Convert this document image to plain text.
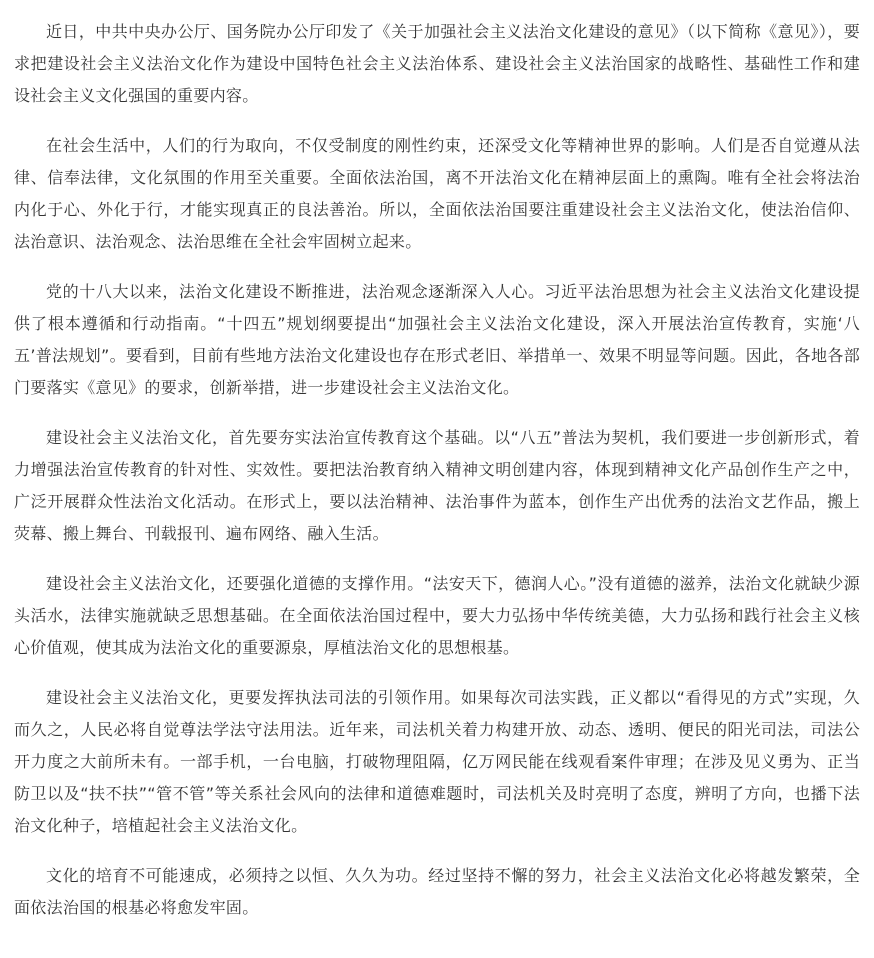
近日，中共中央办公厅、国务院办公厅印发了《关于加强社会主义法治文化建设的意见》（以下简称《意见》），要求把建设社会主义法治文化作为建设中国特色社会主义法治体系、建设社会主义法治国家的战略性、基础性工作和建设社会主义文化强国的重要内容。

在社会生活中，人们的行为取向，不仅受制度的刚性约束，还深受文化等精神世界的影响。人们是否自觉遵从法律、信奉法律，文化氛围的作用至关重要。全面依法治国，离不开法治文化在精神层面上的熏陶。唯有全社会将法治内化于心、外化于行，才能实现真正的良法善治。所以，全面依法治国要注重建设社会主义法治文化，使法治信仰、法治意识、法治观念、法治思维在全社会牢固树立起来。

党的十八大以来，法治文化建设不断推进，法治观念逐渐深入人心。习近平法治思想为社会主义法治文化建设提供了根本遵循和行动指南。“十四五”规划纲要提出“加强社会主义法治文化建设，深入开展法治宣传教育，实施‘八五’普法规划”。要看到，目前有些地方法治文化建设也存在形式老旧、举措单一、效果不明显等问题。因此，各地各部门要落实《意见》的要求，创新举措，进一步建设社会主义法治文化。

建设社会主义法治文化，首先要夯实法治宣传教育这个基础。以“八五”普法为契机，我们要进一步创新形式，着力增强法治宣传教育的针对性、实效性。要把法治教育纳入精神文明创建内容，体现到精神文化产品创作生产之中，广泛开展群众性法治文化活动。在形式上，要以法治精神、法治事件为蓝本，创作生产出优秀的法治文艺作品，搬上荧幕、搬上舞台、刊载报刊、遍布网络、融入生活。

建设社会主义法治文化，还要强化道德的支撑作用。“法安天下，德润人心。”没有道德的滋养，法治文化就缺少源头活水，法律实施就缺乏思想基础。在全面依法治国过程中，要大力弘扬中华传统美德，大力弘扬和践行社会主义核心价值观，使其成为法治文化的重要源泉，厚植法治文化的思想根基。

建设社会主义法治文化，更要发挥执法司法的引领作用。如果每次司法实践，正义都以“看得见的方式”实现，久而久之，人民必将自觉尊法学法守法用法。近年来，司法机关着力构建开放、动态、透明、便民的阳光司法，司法公开力度之大前所未有。一部手机，一台电脑，打破物理阻隔，亿万网民能在线观看案件审理；在涉及见义勇为、正当防卫以及“扶不扶”“管不管”等关系社会风向的法律和道德难题时，司法机关及时亮明了态度，辨明了方向，也播下法治文化种子，培植起社会主义法治文化。

文化的培育不可能速成，必须持之以恒、久久为功。经过坚持不懈的努力，社会主义法治文化必将越发繁荣，全面依法治国的根基必将愈发牢固。
